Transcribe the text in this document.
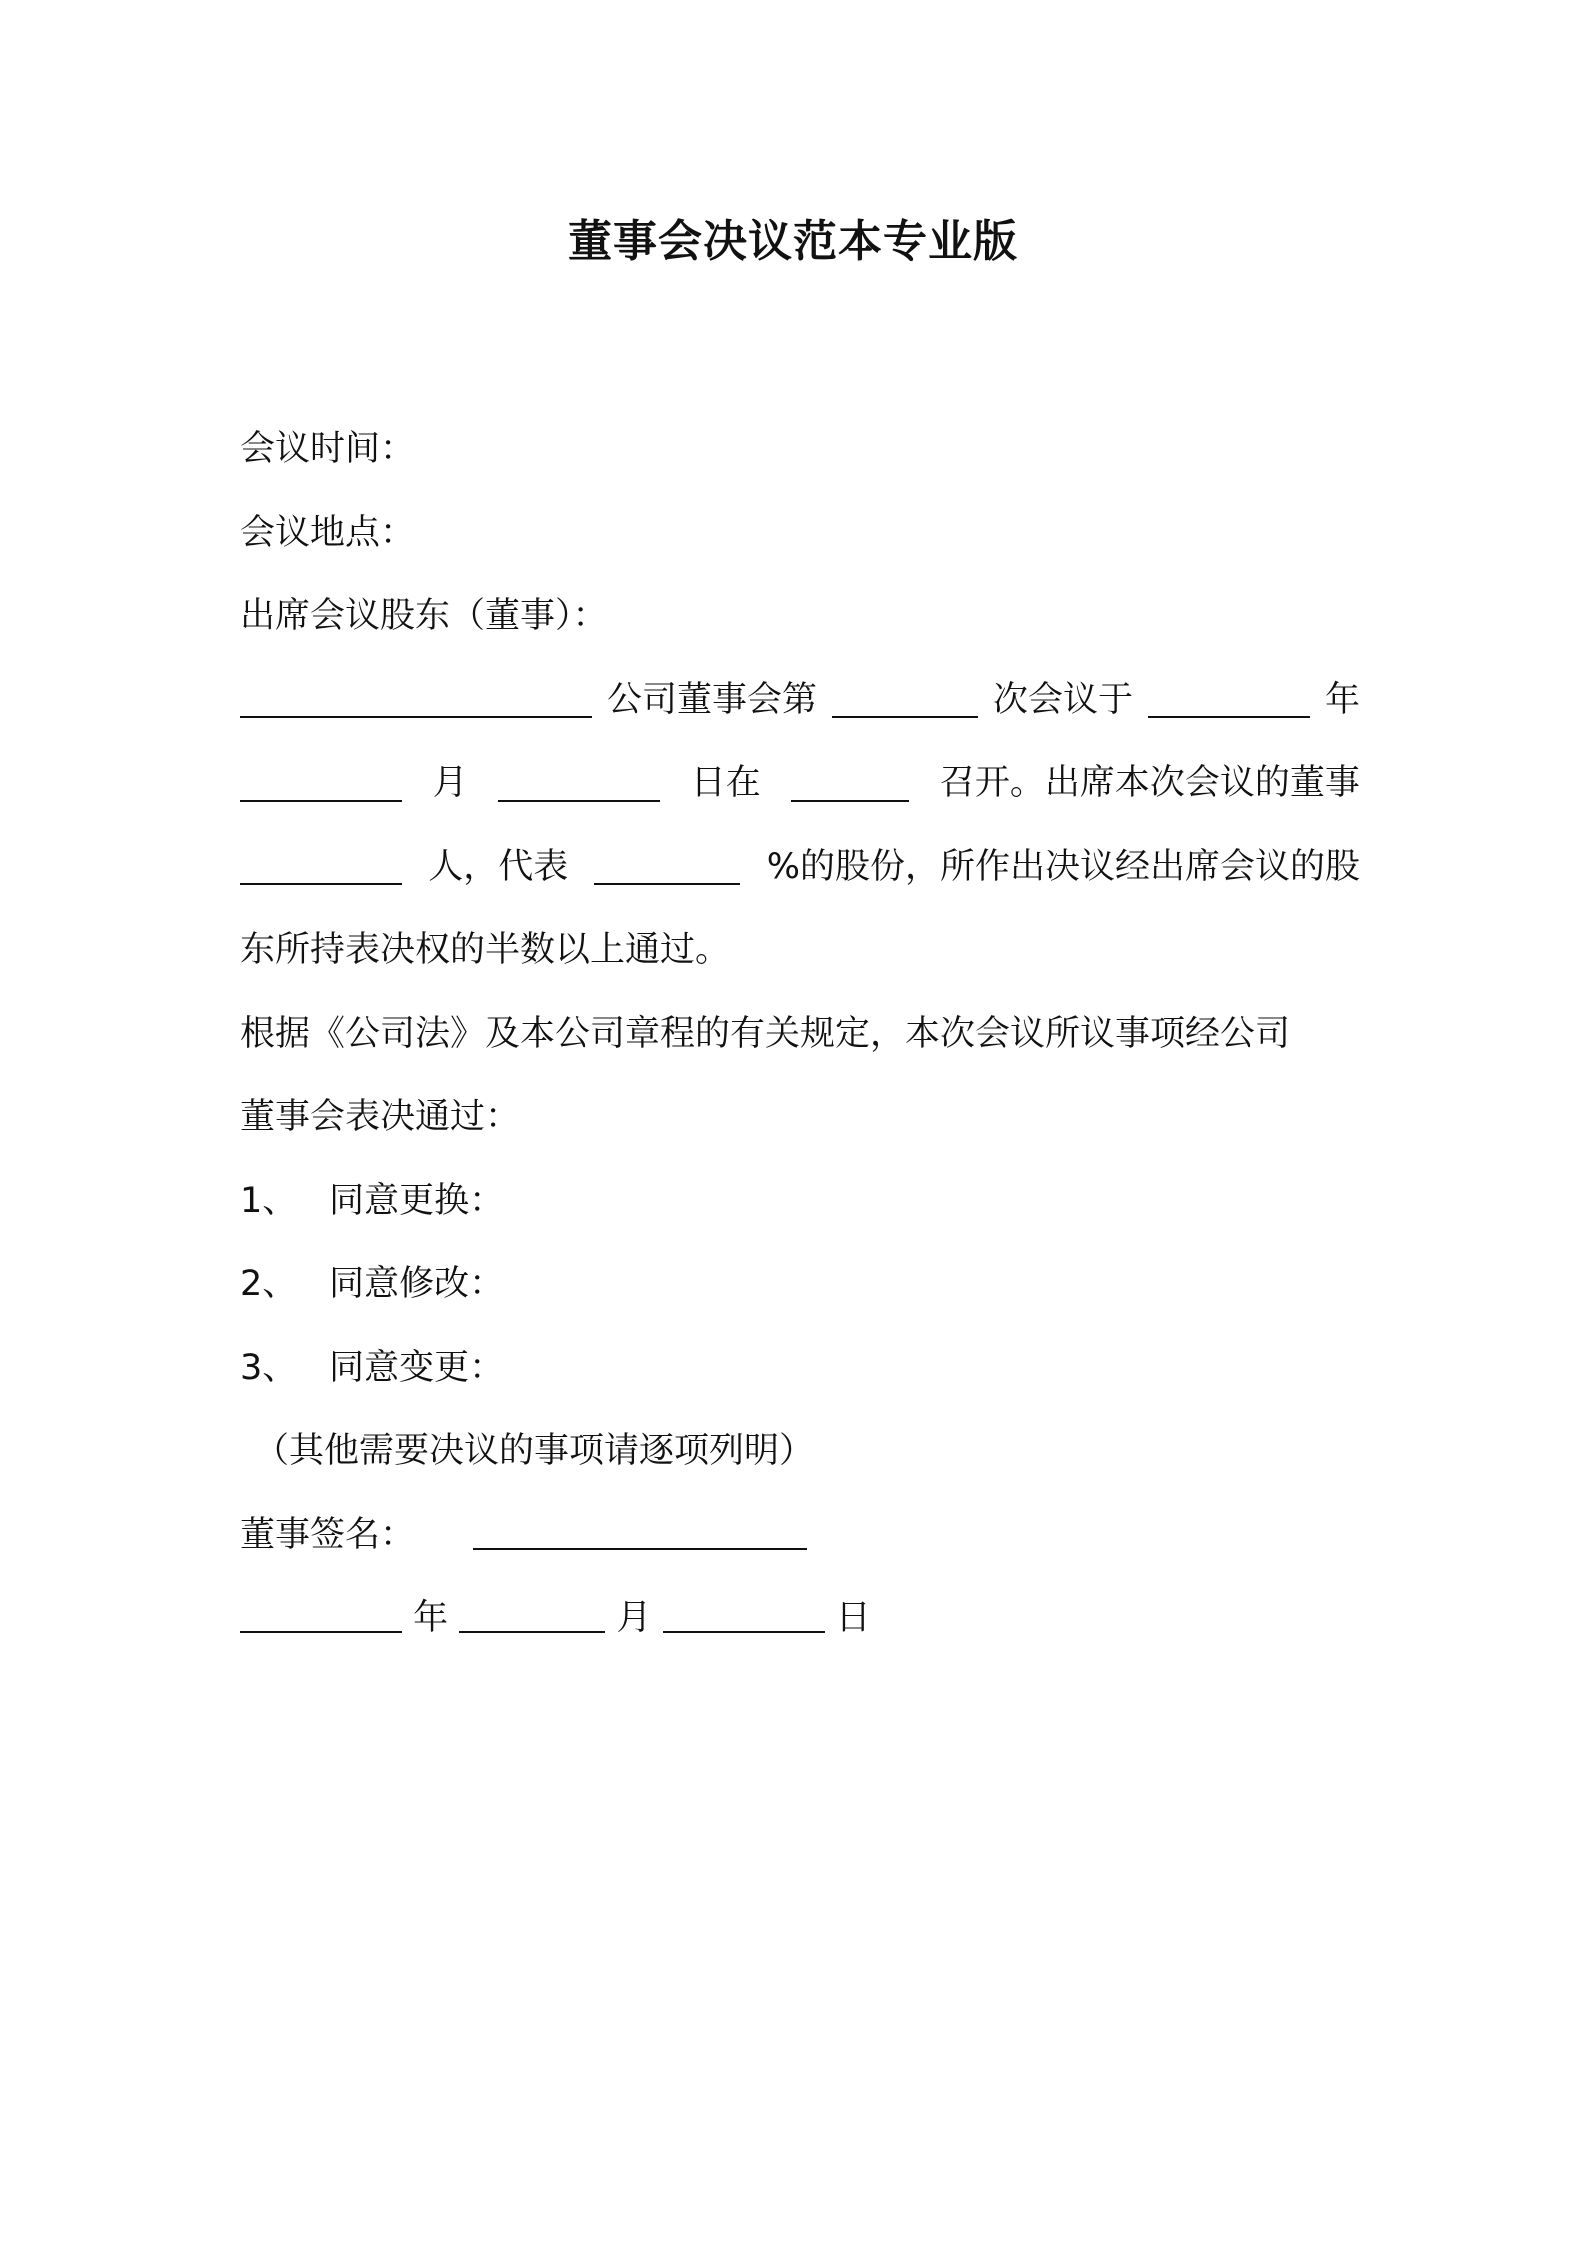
董事会决议范本专业版
会议时间：
会议地点：
出席会议股东（董事）：
公司董事会第	次会议于	年
月	日在	召开。出席本次会议的董事
人，代表	%的股份，所作出决议经出席会议的股
东所持表决权的半数以上通过。
根据《公司法》及本公司章程的有关规定，本次会议所议事项经公司
董事会表决通过：
1、 同意更换：
2、 同意修改：
3、 同意变更：
（其他需要决议的事项请逐项列明）
董事签名：
年	月	日
